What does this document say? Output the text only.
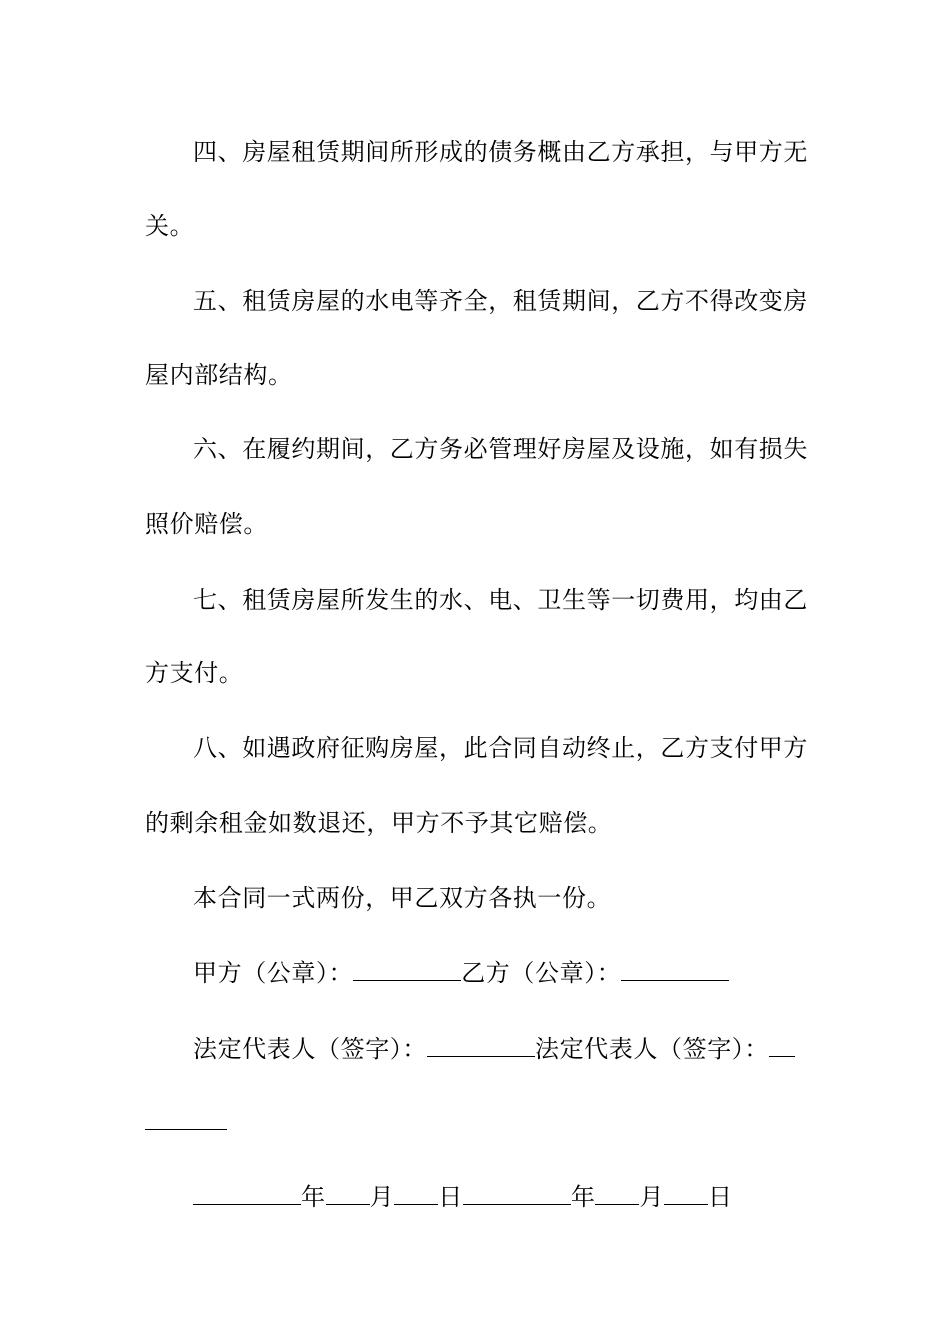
四、房屋租赁期间所形成的债务概由乙方承担，与甲方无
关。
五、租赁房屋的水电等齐全，租赁期间，乙方不得改变房
屋内部结构。
六、在履约期间，乙方务必管理好房屋及设施，如有损失
照价赔偿。
七、租赁房屋所发生的水、电、卫生等一切费用，均由乙
方支付。
八、如遇政府征购房屋，此合同自动终止，乙方支付甲方
的剩余租金如数退还，甲方不予其它赔偿。
本合同一式两份，甲乙双方各执一份。
甲方（公章）：	乙方（公章）：
法定代表人（签字）：	法定代表人（签字）：
年 月 日	年 月 日
